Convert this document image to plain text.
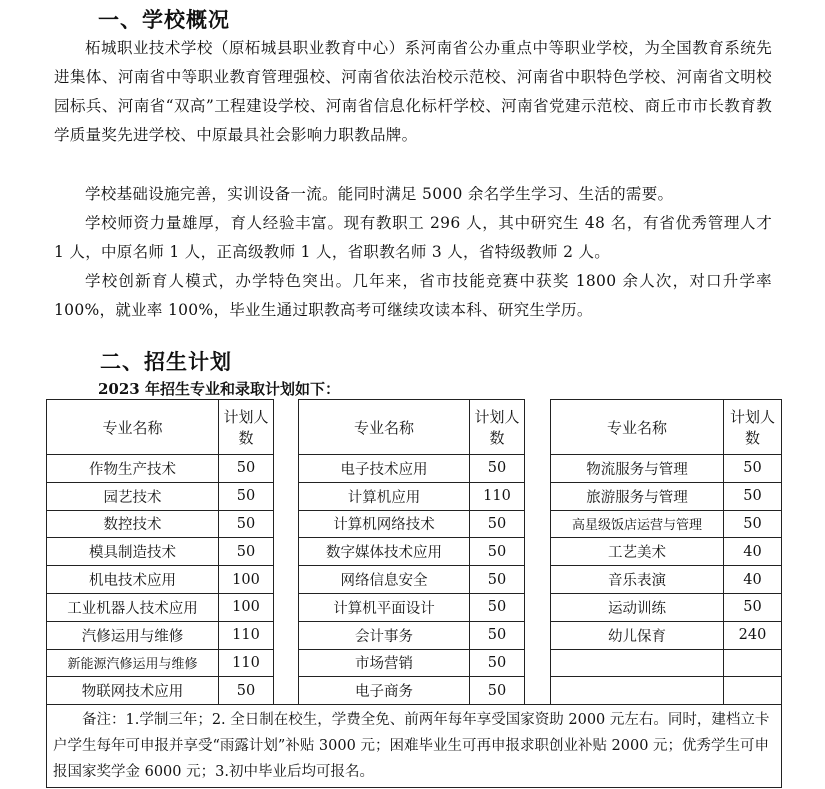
一、学校概况

柘城职业技术学校（原柘城县职业教育中心）系河南省公办重点中等职业学校，为全国教育系统先进集体、河南省中等职业教育管理强校、河南省依法治校示范校、河南省中职特色学校、河南省文明校园标兵、河南省“双高”工程建设学校、河南省信息化标杆学校、河南省党建示范校、商丘市市长教育教学质量奖先进学校、中原最具社会影响力职教品牌。

学校基础设施完善，实训设备一流。能同时满足 5000 余名学生学习、生活的需要。

学校师资力量雄厚，育人经验丰富。现有教职工 296 人，其中研究生 48 名，有省优秀管理人才 1 人，中原名师 1 人，正高级教师 1 人，省职教名师 3 人，省特级教师 2 人。

学校创新育人模式，办学特色突出。几年来，省市技能竞赛中获奖 1800 余人次，对口升学率 100%，就业率 100%，毕业生通过职教高考可继续攻读本科、研究生学历。

二、招生计划

2023 年招生专业和录取计划如下：

专业名称	计划人数		专业名称	计划人数		专业名称	计划人数
作物生产技术	50		电子技术应用	50		物流服务与管理	50
园艺技术	50		计算机应用	110		旅游服务与管理	50
数控技术	50		计算机网络技术	50		高星级饭店运营与管理	50
模具制造技术	50		数字媒体技术应用	50		工艺美术	40
机电技术应用	100		网络信息安全	50		音乐表演	40
工业机器人技术应用	100		计算机平面设计	50		运动训练	50
汽修运用与维修	110		会计事务	50		幼儿保育	240
新能源汽修运用与维修	110		市场营销	50			
物联网技术应用	50		电子商务	50			
备注：1.学制三年；2. 全日制在校生，学费全免、前两年每年享受国家资助 2000 元左右。同时，建档立卡户学生每年可申报并享受“雨露计划”补贴 3000 元；困难毕业生可再申报求职创业补贴 2000 元；优秀学生可申报国家奖学金 6000 元；3.初中毕业后均可报名。							
